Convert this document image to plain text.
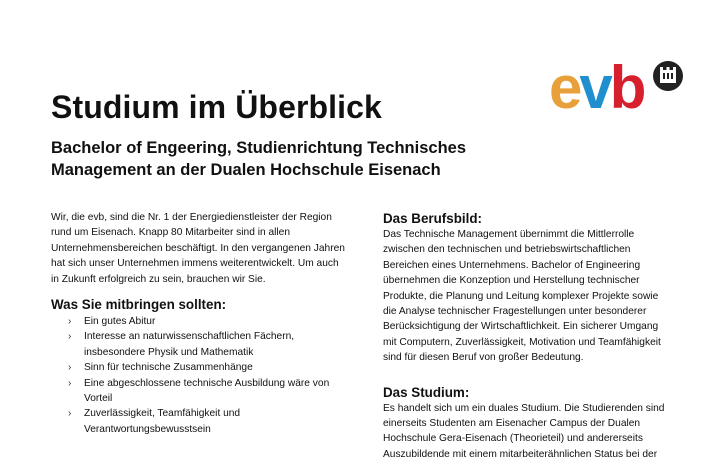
Studium im Überblick
Bachelor of Engeering, Studienrichtung Technisches
Management an der Dualen Hochschule Eisenach
evb

Wir, die evb, sind die Nr. 1 der Energiedienstleister der Region

rund um Eisenach. Knapp 80 Mitarbeiter sind in allen

Unternehmensbereichen beschäftigt. In den vergangenen Jahren

hat sich unser Unternehmen immens weiterentwickelt. Um auch

in Zukunft erfolgreich zu sein, brauchen wir Sie.

Was Sie mitbringen sollten:
› Ein gutes Abitur
› Interesse an naturwissenschaftlichen Fächern,
insbesondere Physik und Mathematik
› Sinn für technische Zusammenhänge
› Eine abgeschlossene technische Ausbildung wäre von
Vorteil
› Zuverlässigkeit, Teamfähigkeit und
Verantwortungsbewusstsein
Das Berufsbild:

Das Technische Management übernimmt die Mittlerrolle

zwischen den technischen und betriebswirtschaftlichen

Bereichen eines Unternehmens. Bachelor of Engineering

übernehmen die Konzeption und Herstellung technischer

Produkte, die Planung und Leitung komplexer Projekte sowie

die Analyse technischer Fragestellungen unter besonderer

Berücksichtigung der Wirtschaftlichkeit. Ein sicherer Umgang

mit Computern, Zuverlässigkeit, Motivation und Teamfähigkeit

sind für diesen Beruf von großer Bedeutung.

Das Studium:

Es handelt sich um ein duales Studium. Die Studierenden sind

einerseits Studenten am Eisenacher Campus der Dualen

Hochschule Gera-Eisenach (Theorieteil) und andererseits

Auszubildende mit einem mitarbeiterähnlichen Status bei der
